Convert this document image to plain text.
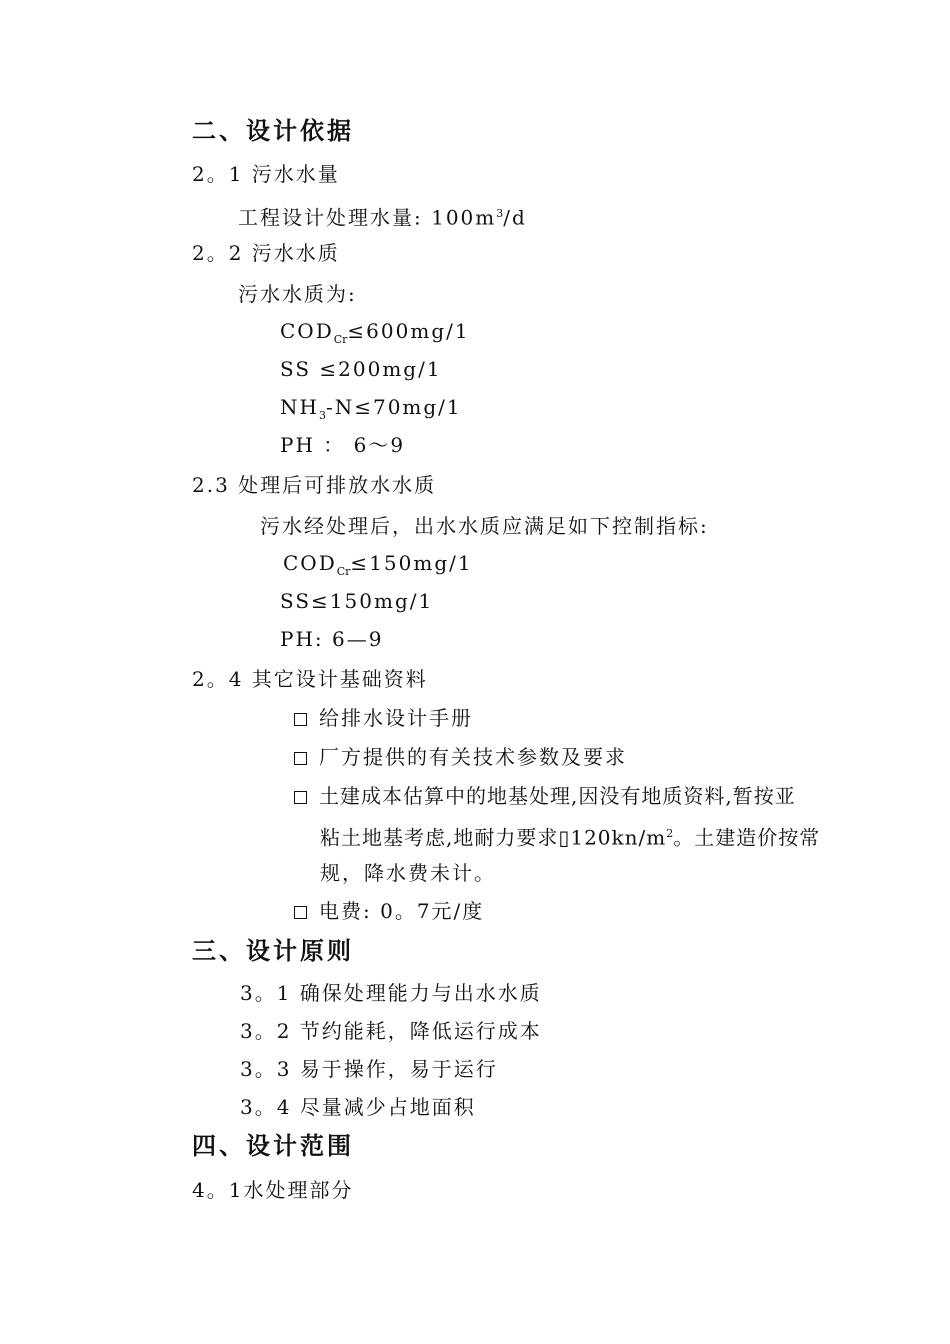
二、设计依据
2。1 污水水量
工程设计处理水量: $100m^3/d$
2。2 污水水质
污水水质为:
$COD_{Cr}\le 600mg/1$
SS ≤200mg/1
$NH_3-N\le 70mg/1$
PH ： 6～9
2.3 处理后可排放水水质
污水经处理后，出水水质应满足如下控制指标:
$COD_{Cr}\le 150mg/1$
SS≤150mg/1
PH: 6—9
2。4 其它设计基础资料
给排水设计手册
厂方提供的有关技术参数及要求
土建成本估算中的地基处理,因没有地质资料,暂按亚
粘土地基考虑,地耐力要求$▯120kn/m^2$。土建造价按常
规，降水费未计。
电费: 0。7元/度
三、设计原则
3。1 确保处理能力与出水水质
3。2 节约能耗，降低运行成本
3。3 易于操作，易于运行
3。4 尽量减少占地面积
四、设计范围
4。1水处理部分
